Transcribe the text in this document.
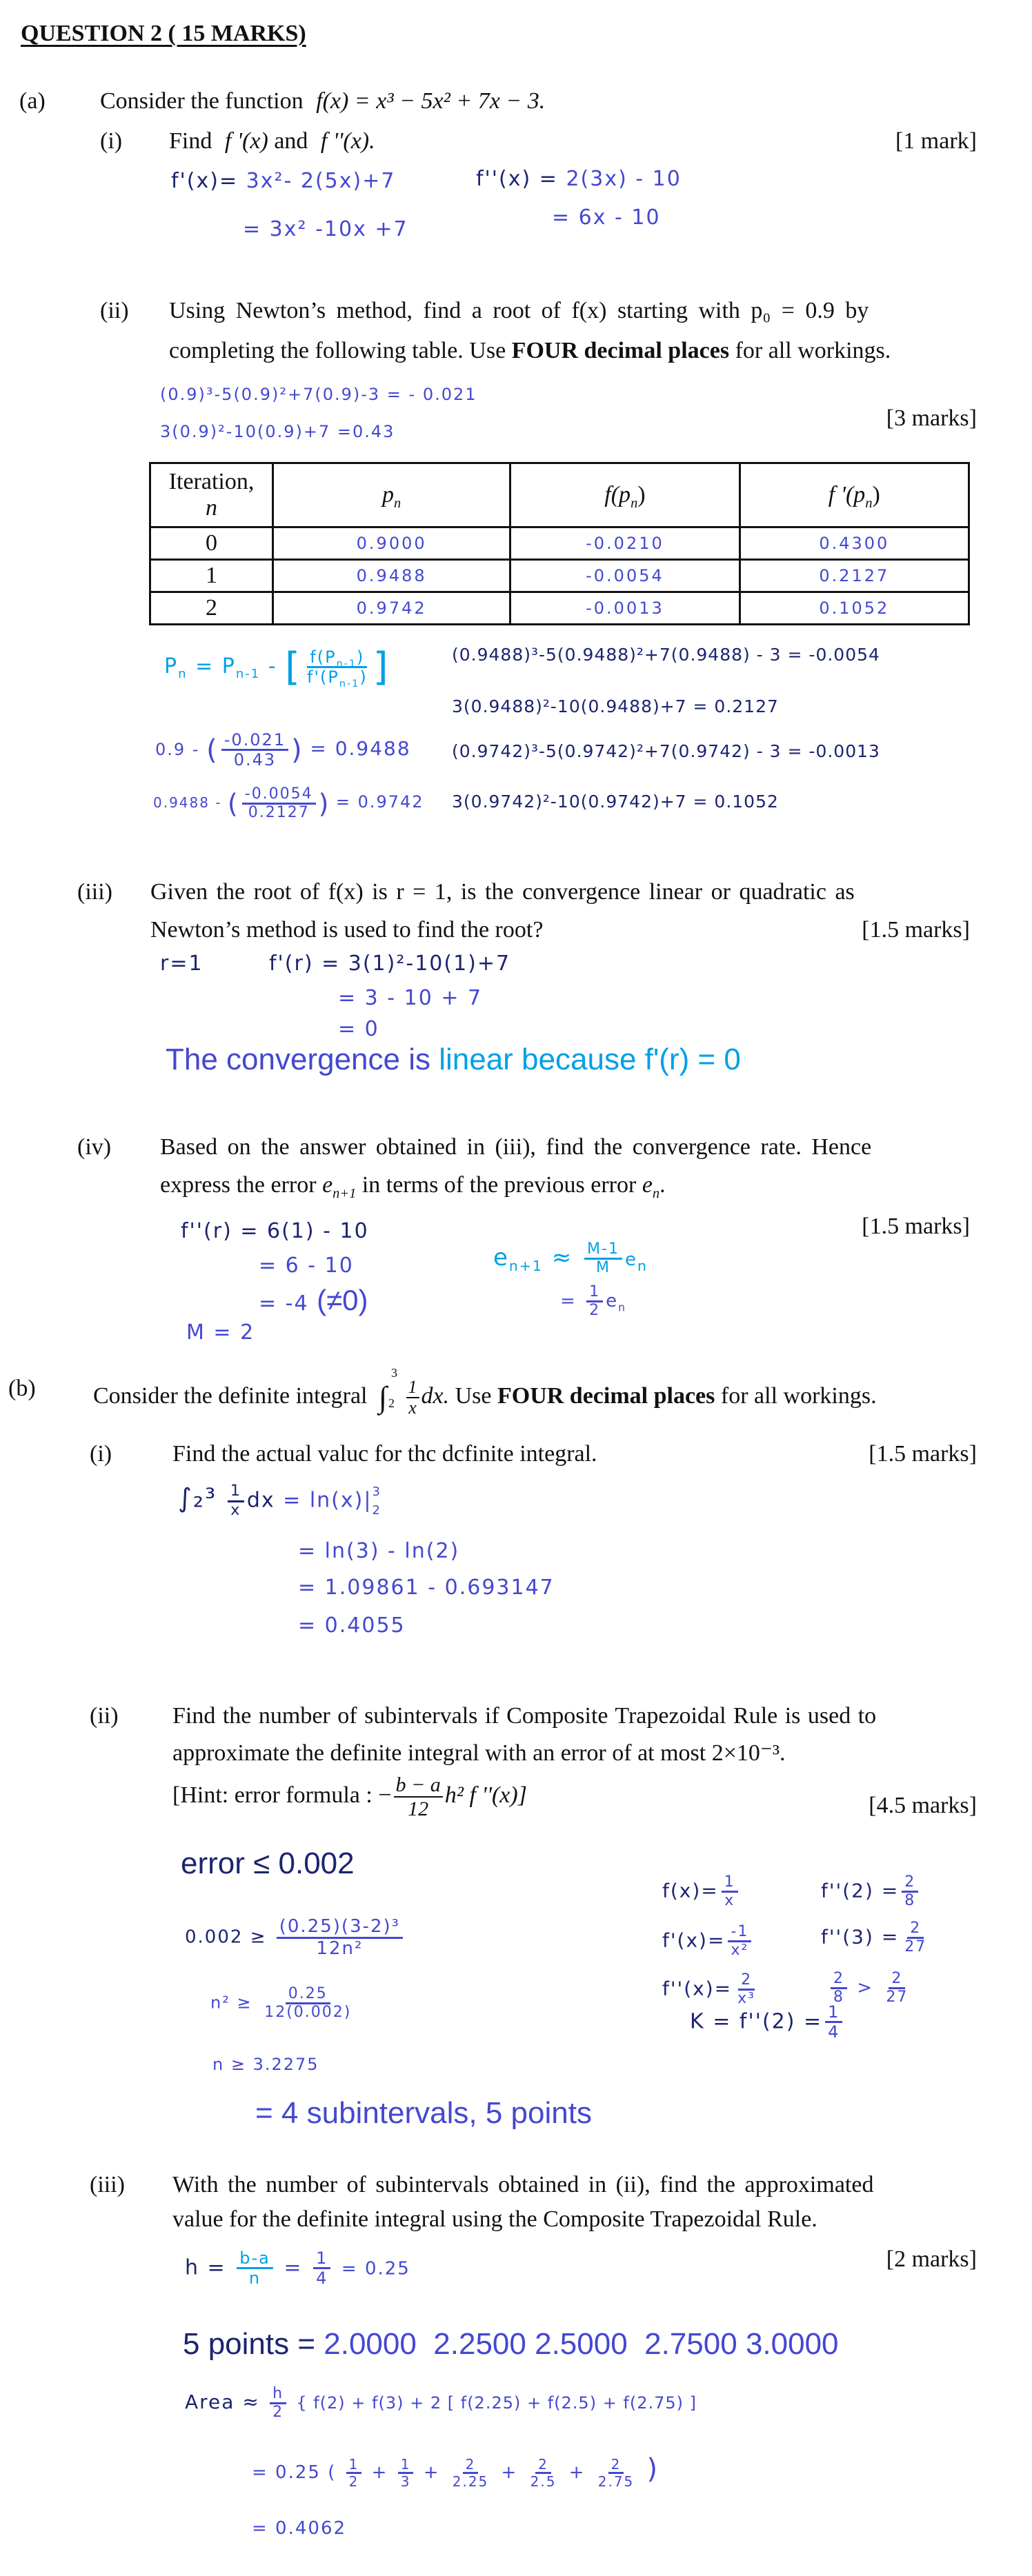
QUESTION 2 ( 15 MARKS)
(a) Consider the function f(x) = x³ − 5x² + 7x − 3.
(i) Find f '(x) and f ''(x).	[1 mark]
f'(x)= 3x²- 2(5x)+7
= 3x² -10x +7
f''(x) = 2(3x) - 10
= 6x - 10
(ii) Using Newton’s method, find a root of f(x) starting with p₀ = 0.9 by
completing the following table. Use FOUR decimal places for all workings.
(0.9)³-5(0.9)²+7(0.9)-3 = - 0.021
[3 marks]
3(0.9)²-10(0.9)+7 =0.43
Iteration,
n	$p_n$	$f(p_n)$	f '$(p_n)$
0	0.9000	-0.0210	0.4300
1	0.9488	-0.0054	0.2127
2	0.9742	-0.0013	0.1052
$P_n = P_{n-1}$ - [ $\frac{f(P_{n-1})}{f'(P_{n-1})}$ ]
0.9 - ( $\frac{-0.021}{0.43}$ ) = 0.9488
0.9488 - ( $\frac{-0.0054}{0.2127}$ ) = 0.9742
(0.9488)³-5(0.9488)²+7(0.9488) - 3 = -0.0054
3(0.9488)²-10(0.9488)+7 = 0.2127
(0.9742)³-5(0.9742)²+7(0.9742) - 3 = -0.0013
3(0.9742)²-10(0.9742)+7 = 0.1052
(iii) Given the root of f(x) is r = 1, is the convergence linear or quadratic as
Newton’s method is used to find the root?	[1.5 marks]
r=1	f'(r) = 3(1)²-10(1)+7
= 3 - 10 + 7
= 0
The convergence is linear because f'(r) = 0
(iv) Based on the answer obtained in (iii), find the convergence rate. Hence
express the error $e_{n+1}$ in terms of the previous error $e_n$.
[1.5 marks]
f''(r) = 6(1) - 10
= 6 - 10
= -4 (≠0)
M = 2
$e_{n+1} \approx \frac{M-1}{M} e_n$
= $\frac{1}{2} e_n$
(b) Consider the definite integral ∫
3
2
$\frac{1}{x}$ dx. Use FOUR decimal places for all workings.
(i)	Find the actual valuc for thc dcfinite integral.	[1.5 marks]
$\int_2^3 \frac{1}{x}$ dx = ln(x)| 3
2
= ln(3) - ln(2)
= 1.09861 - 0.693147
= 0.4055
(ii) Find the number of subintervals if Composite Trapezoidal Rule is used to
approximate the definite integral with an error of at most 2×10⁻³.
[Hint: error formula : − $\frac{b - a}{12} h^2$ f ''(x)]	[4.5 marks]
error ≤ 0.002
$0.002 \ge \frac{\text{(0.25)(3-2)³}}{\text{12n²}}$
$n^2 \ge \frac{0.25}{12(0.002)}$
n ≥ 3.2275
= 4 subintervals, 5 points
$f(x)= \frac{1}{x}$
$f'(x)= \frac{-1}{\text{x²}}$
$f''(x)= \frac{2}{\text{x³}}$
$f''(2) = \frac{2}{8}$
$f''(3) = \frac{2}{27}$
$\frac{2}{8} > \frac{2}{27}$
$K = f''(2) = \frac{1}{4}$
(iii) With the number of subintervals obtained in (ii), find the approximated
value for the definite integral using the Composite Trapezoidal Rule.
[2 marks]
$h = \frac{b-a}{n} = \frac{1}{4} = 0.25$
5 points = 2.0000 2.2500 2.5000 2.7500 3.0000
Area ≈ $\frac{h}{2}$ { f(2) + f(3) + 2 [ f(2.25) + f(2.5) + f(2.75) ]
= 0.25 ( $\frac{1}{2} + \frac{1}{3} + \frac{2}{2.25} + \frac{2}{2.5} + \frac{2}{2.75}$ )
= 0.4062
